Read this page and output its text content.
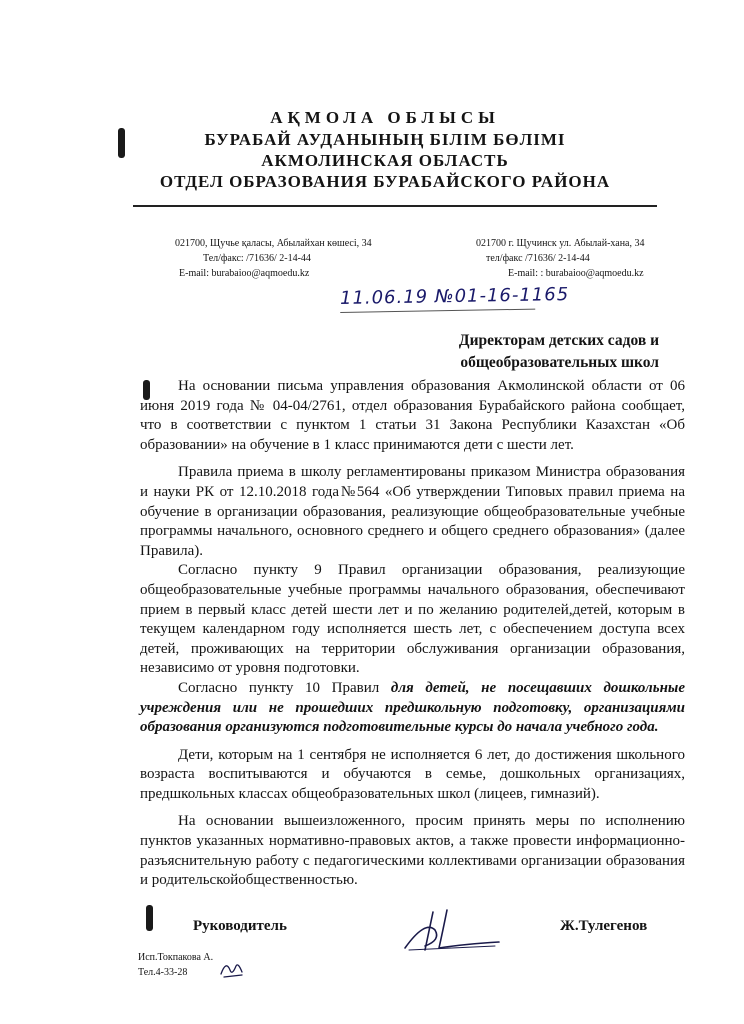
АҚМОЛА ОБЛЫСЫ
БУРАБАЙ АУДАНЫНЫҢ БІЛІМ БӨЛІМІ
АКМОЛИНСКАЯ ОБЛАСТЬ
ОТДЕЛ ОБРАЗОВАНИЯ БУРАБАЙСКОГО РАЙОНА
021700, Щучье қаласы, Абылайхан көшесі, 34
Тел/факс: /71636/ 2-14-44
E-mail: burabaioo@aqmoedu.kz
021700 г. Щучинск ул. Абылай-хана, 34
тел/факс /71636/ 2-14-44
E-mail: : burabaioo@aqmoedu.kz
11.06.19 №01-16-1165
Директорам детских садов и
общеобразовательных школ

На основании письма управления образования Акмолинской области от 06 июня 2019 года № 04-04/2761, отдел образования Бурабайского района сообщает, что в соответствии с пунктом 1 статьи 31 Закона Республики Казахстан «Об образовании» на обучение в 1 класс принимаются дети с шести лет.

Правила приема в школу регламентированы приказом Министра образования и науки РК от 12.10.2018 года№564 «Об утверждении Типовых правил приема на обучение в организации образования, реализующие общеобразовательные учебные программы начального, основного среднего и общего среднего образования» (далее Правила).

Согласно пункту 9 Правил организации образования, реализующие общеобразовательные учебные программы начального образования, обеспечивают прием в первый класс детей шести лет и по желанию родителей,детей, которым в текущем календарном году исполняется шесть лет, с обеспечением доступа всех детей, проживающих на территории обслуживания организации образования, независимо от уровня подготовки.

Согласно пункту 10 Правил для детей, не посещавших дошкольные учреждения или не прошедших предшкольную подготовку, организациями образования организуются подготовительные курсы до начала учебного года.

Дети, которым на 1 сентября не исполняется 6 лет, до достижения школьного возраста воспитываются и обучаются в семье, дошкольных организациях, предшкольных классах общеобразовательных школ (лицеев, гимназий).

На основании вышеизложенного, просим принять меры по исполнению пунктов указанных нормативно-правовых актов, а также провести информационно-разъяснительную работу с педагогическими коллективами организации образования и родительскойобщественностью.

Руководитель	Ж.Тулегенов
Исп.Токпакова А.
Тел.4-33-28
